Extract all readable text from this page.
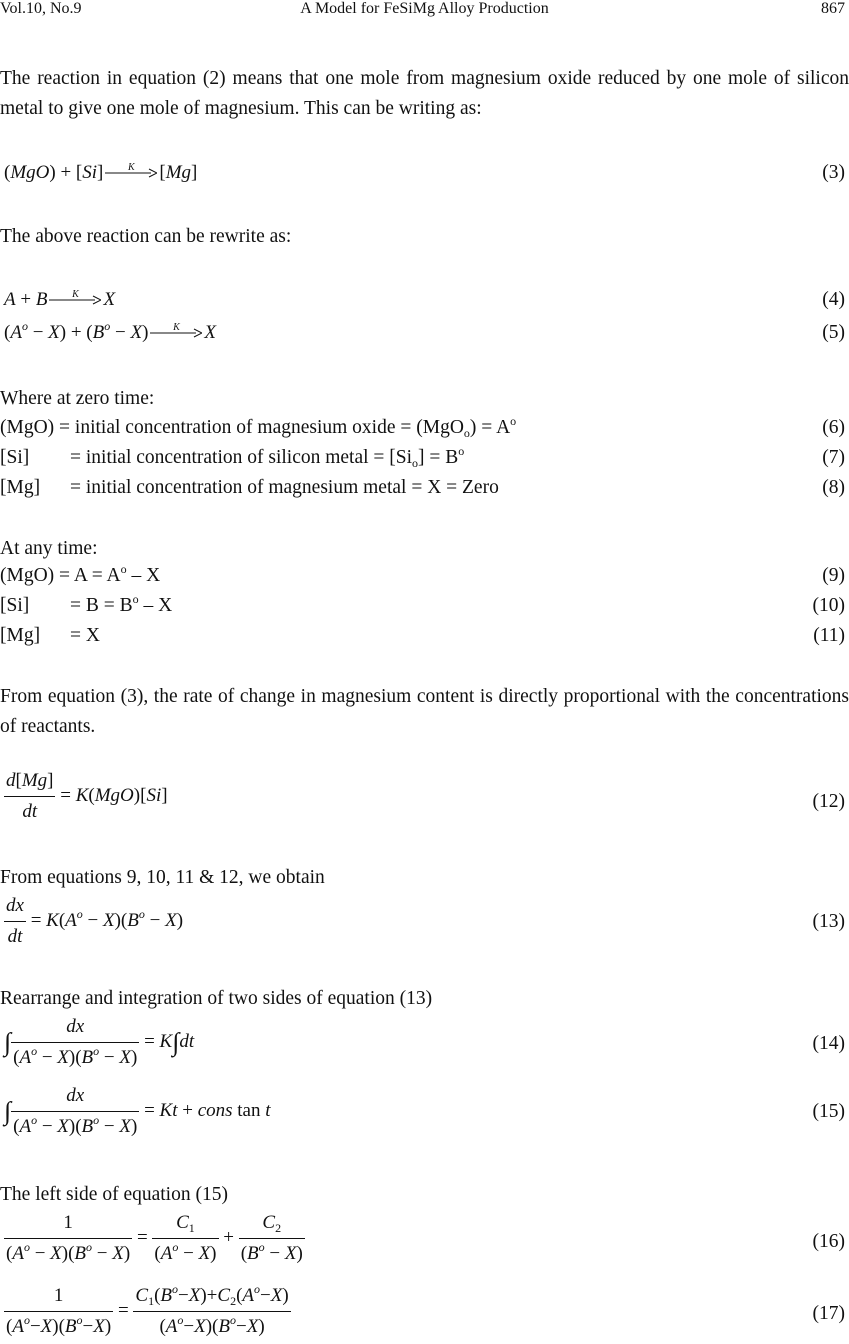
Vol.10, No.9	A Model for FeSiMg Alloy Production	867
The reaction in equation (2) means that one mole from magnesium oxide reduced by one mole of silicon metal to give one mole of magnesium. This can be writing as:
(MgO) + [Si]	K	[Mg]	(3)
The above reaction can be rewrite as:
A + B	K	X	(4)
$(A^o - X) + (B^o - X)$	K	X	(5)
Where at zero time:
(MgO) = initial concentration of magnesium oxide = $(MgO_o) = A^o$	(6)
[Si] = initial concentration of silicon metal = $[Si_o] = B^o$	(7)
[Mg] = initial concentration of magnesium metal = X = Zero	(8)
At any time:
$(MgO) = A = A^o - X$	(9)
$[Si] = B = B^o - X$	(10)
[Mg] = X	(11)
From equation (3), the rate of change in magnesium content is directly proportional with the concentrations of reactants.
$\frac{d[Mg]}{dt} = K(MgO)[Si]$	(12)
From equations 9, 10, 11 & 12, we obtain
$\frac{dx}{dt} = K(A^o - X)(B^o - X)$	(13)
Rearrange and integration of two sides of equation (13)
∫ $\frac{dx}{(A^o - X)(B^o - X)} = K\int dt$	(14)
∫ $\frac{dx}{(A^o - X)(B^o - X)} = Kt$ + cons tan t	(15)
The left side of equation (15)
$\frac{1}{(A^o - X)(B^o - X)} = \frac{C_1}{(A^o - X)} + \frac{C_2}{(B^o - X)}$	(16)
$\frac{1}{(A^o-X)(B^o-X)} = \frac{C_1(B^o-X)+C_2(A^o-X)}{(A^o-X)(B^o-X)}$	(17)
